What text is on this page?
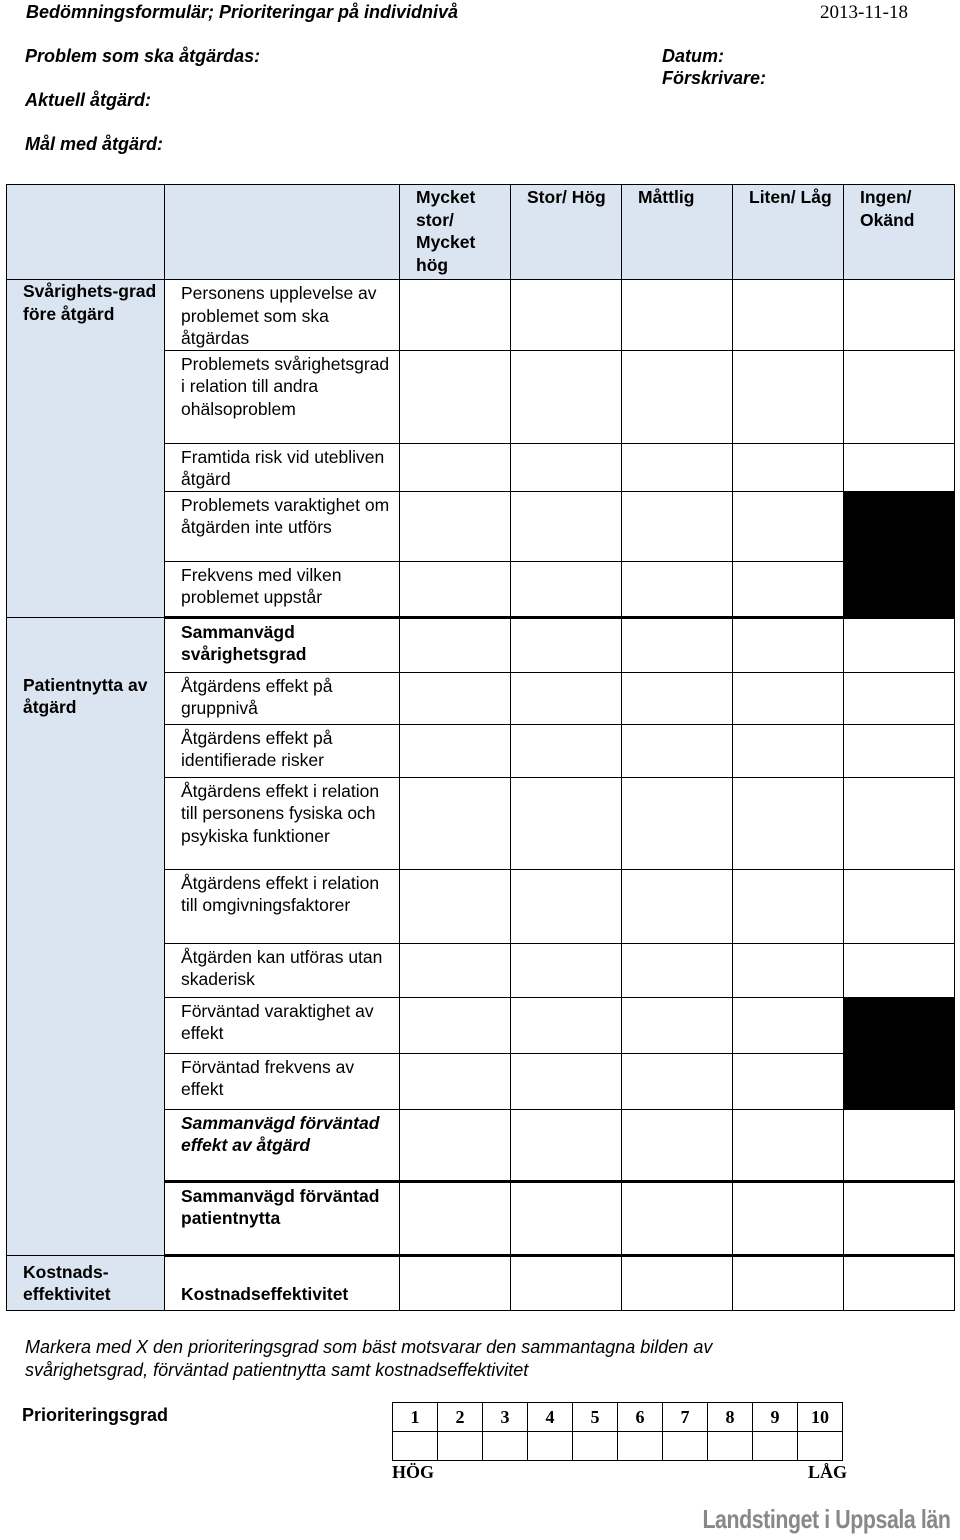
Bedömningsformulär; Prioriteringar på individnivå	2013-11-18
Problem som ska åtgärdas:	Datum:
Förskrivare:
Aktuell åtgärd:
Mål med åtgärd:
		Mycket stor/ Mycket hög	Stor/ Hög	Måttlig	Liten/ Låg	Ingen/ Okänd

Svårighets-grad före åtgärd	Personens upplevelse av problemet som ska åtgärdas					
	Problemets svårighetsgrad i relation till andra ohälsoproblem					
	Framtida risk vid utebliven åtgärd					
	Problemets varaktighet om åtgärden inte utförs					
	Frekvens med vilken problemet uppstår					

Patientnytta av åtgärd	Sammanvägd svårighetsgrad					
	Åtgärdens effekt på gruppnivå					
	Åtgärdens effekt på identifierade risker					
	Åtgärdens effekt i relation till personens fysiska och psykiska funktioner					
	Åtgärdens effekt i relation till omgivningsfaktorer					
	Åtgärden kan utföras utan skaderisk					
	Förväntad varaktighet av effekt					
	Förväntad frekvens av effekt					
	Sammanvägd förväntad effekt av åtgärd					
	Sammanvägd förväntad patientnytta					

Kostnads-effektivitet	Kostnadseffektivitet					
Markera med X den prioriteringsgrad som bäst motsvarar den sammantagna bilden av svårighetsgrad, förväntad patientnytta samt kostnadseffektivitet
Prioriteringsgrad	1	2	3	4	5	6	7	8	9	10

HÖG	LÅG
Landstinget i Uppsala län
